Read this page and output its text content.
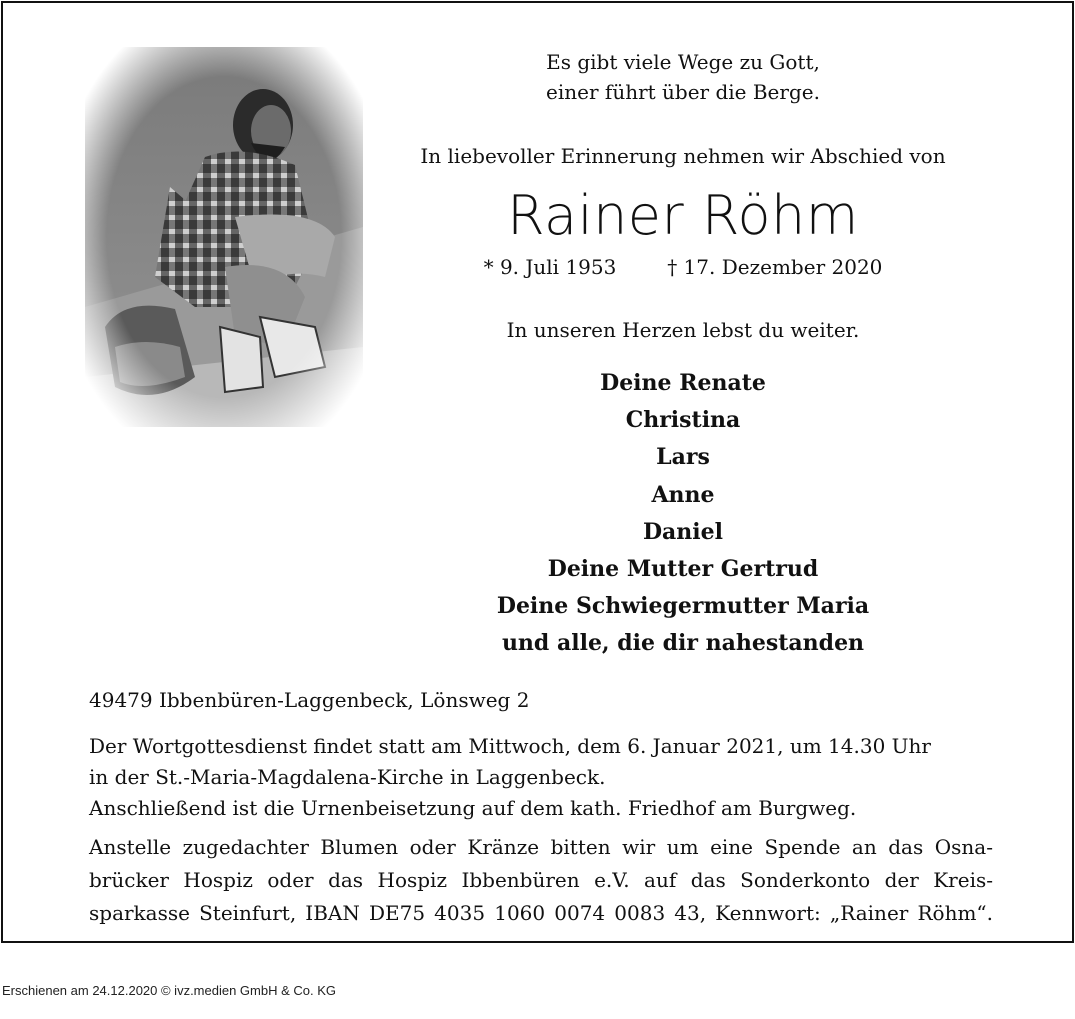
Es gibt viele Wege zu Gott,
einer führt über die Berge.
In liebevoller Erinnerung nehmen wir Abschied von
Rainer Röhm
* 9. Juli 1953	† 17. Dezember 2020
In unseren Herzen lebst du weiter.
Deine Renate
Christina
Lars
Anne
Daniel
Deine Mutter Gertrud
Deine Schwiegermutter Maria
und alle, die dir nahestanden
49479 Ibbenbüren-Laggenbeck, Lönsweg 2

Der Wortgottesdienst findet statt am Mittwoch, dem 6. Januar 2021, um 14.30 Uhr

in der St.-Maria-Magdalena-Kirche in Laggenbeck.

Anschließend ist die Urnenbeisetzung auf dem kath. Friedhof am Burgweg.

Anstelle zugedachter Blumen oder Kränze bitten wir um eine Spende an das Osna-
brücker Hospiz oder das Hospiz Ibbenbüren e.V. auf das Sonderkonto der Kreis-
sparkasse Steinfurt, IBAN DE75 4035 1060 0074 0083 43, Kennwort: „Rainer Röhm“.
Erschienen am 24.12.2020 © ivz.medien GmbH & Co. KG
